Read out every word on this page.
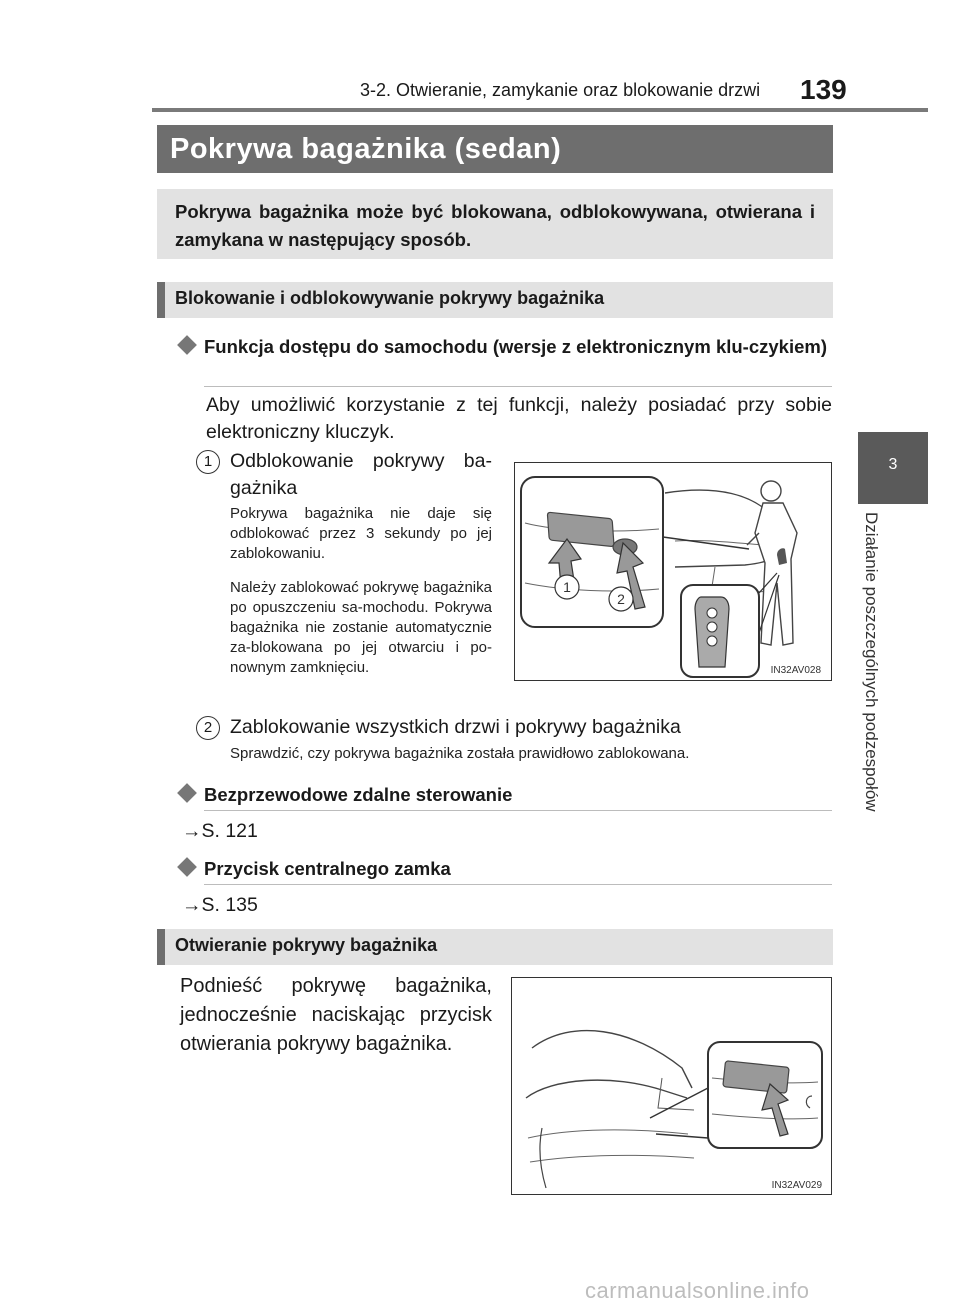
3-2. Otwieranie, zamykanie oraz blokowanie drzwi 139
3
Działanie poszczególnych podzespołów
Pokrywa bagażnika (sedan)
Pokrywa bagażnika może być blokowana, odblokowywana, otwierana i zamykana w następujący sposób.
Blokowanie i odblokowywanie pokrywy bagażnika
Funkcja dostępu do samochodu (wersje z elektronicznym klu-czykiem)
Aby umożliwić korzystanie z tej funkcji, należy posiadać przy sobie elektroniczny kluczyk.
1 Odblokowanie pokrywy ba-gażnika
Pokrywa bagażnika nie daje się odblokować przez 3 sekundy po jej zablokowaniu.
Należy zablokować pokrywę bagażnika po opuszczeniu sa-mochodu. Pokrywa bagażnika nie zostanie automatycznie za-blokowana po jej otwarciu i po-nownym zamknięciu.
1
2
IN32AV028
2 Zablokowanie wszystkich drzwi i pokrywy bagażnika
Sprawdzić, czy pokrywa bagażnika została prawidłowo zablokowana.
Bezprzewodowe zdalne sterowanie
→S. 121
Przycisk centralnego zamka
→S. 135
Otwieranie pokrywy bagażnika
Podnieść pokrywę bagażnika, jednocześnie naciskając przycisk otwierania pokrywy bagażnika.
IN32AV029
carmanualsonline.info
